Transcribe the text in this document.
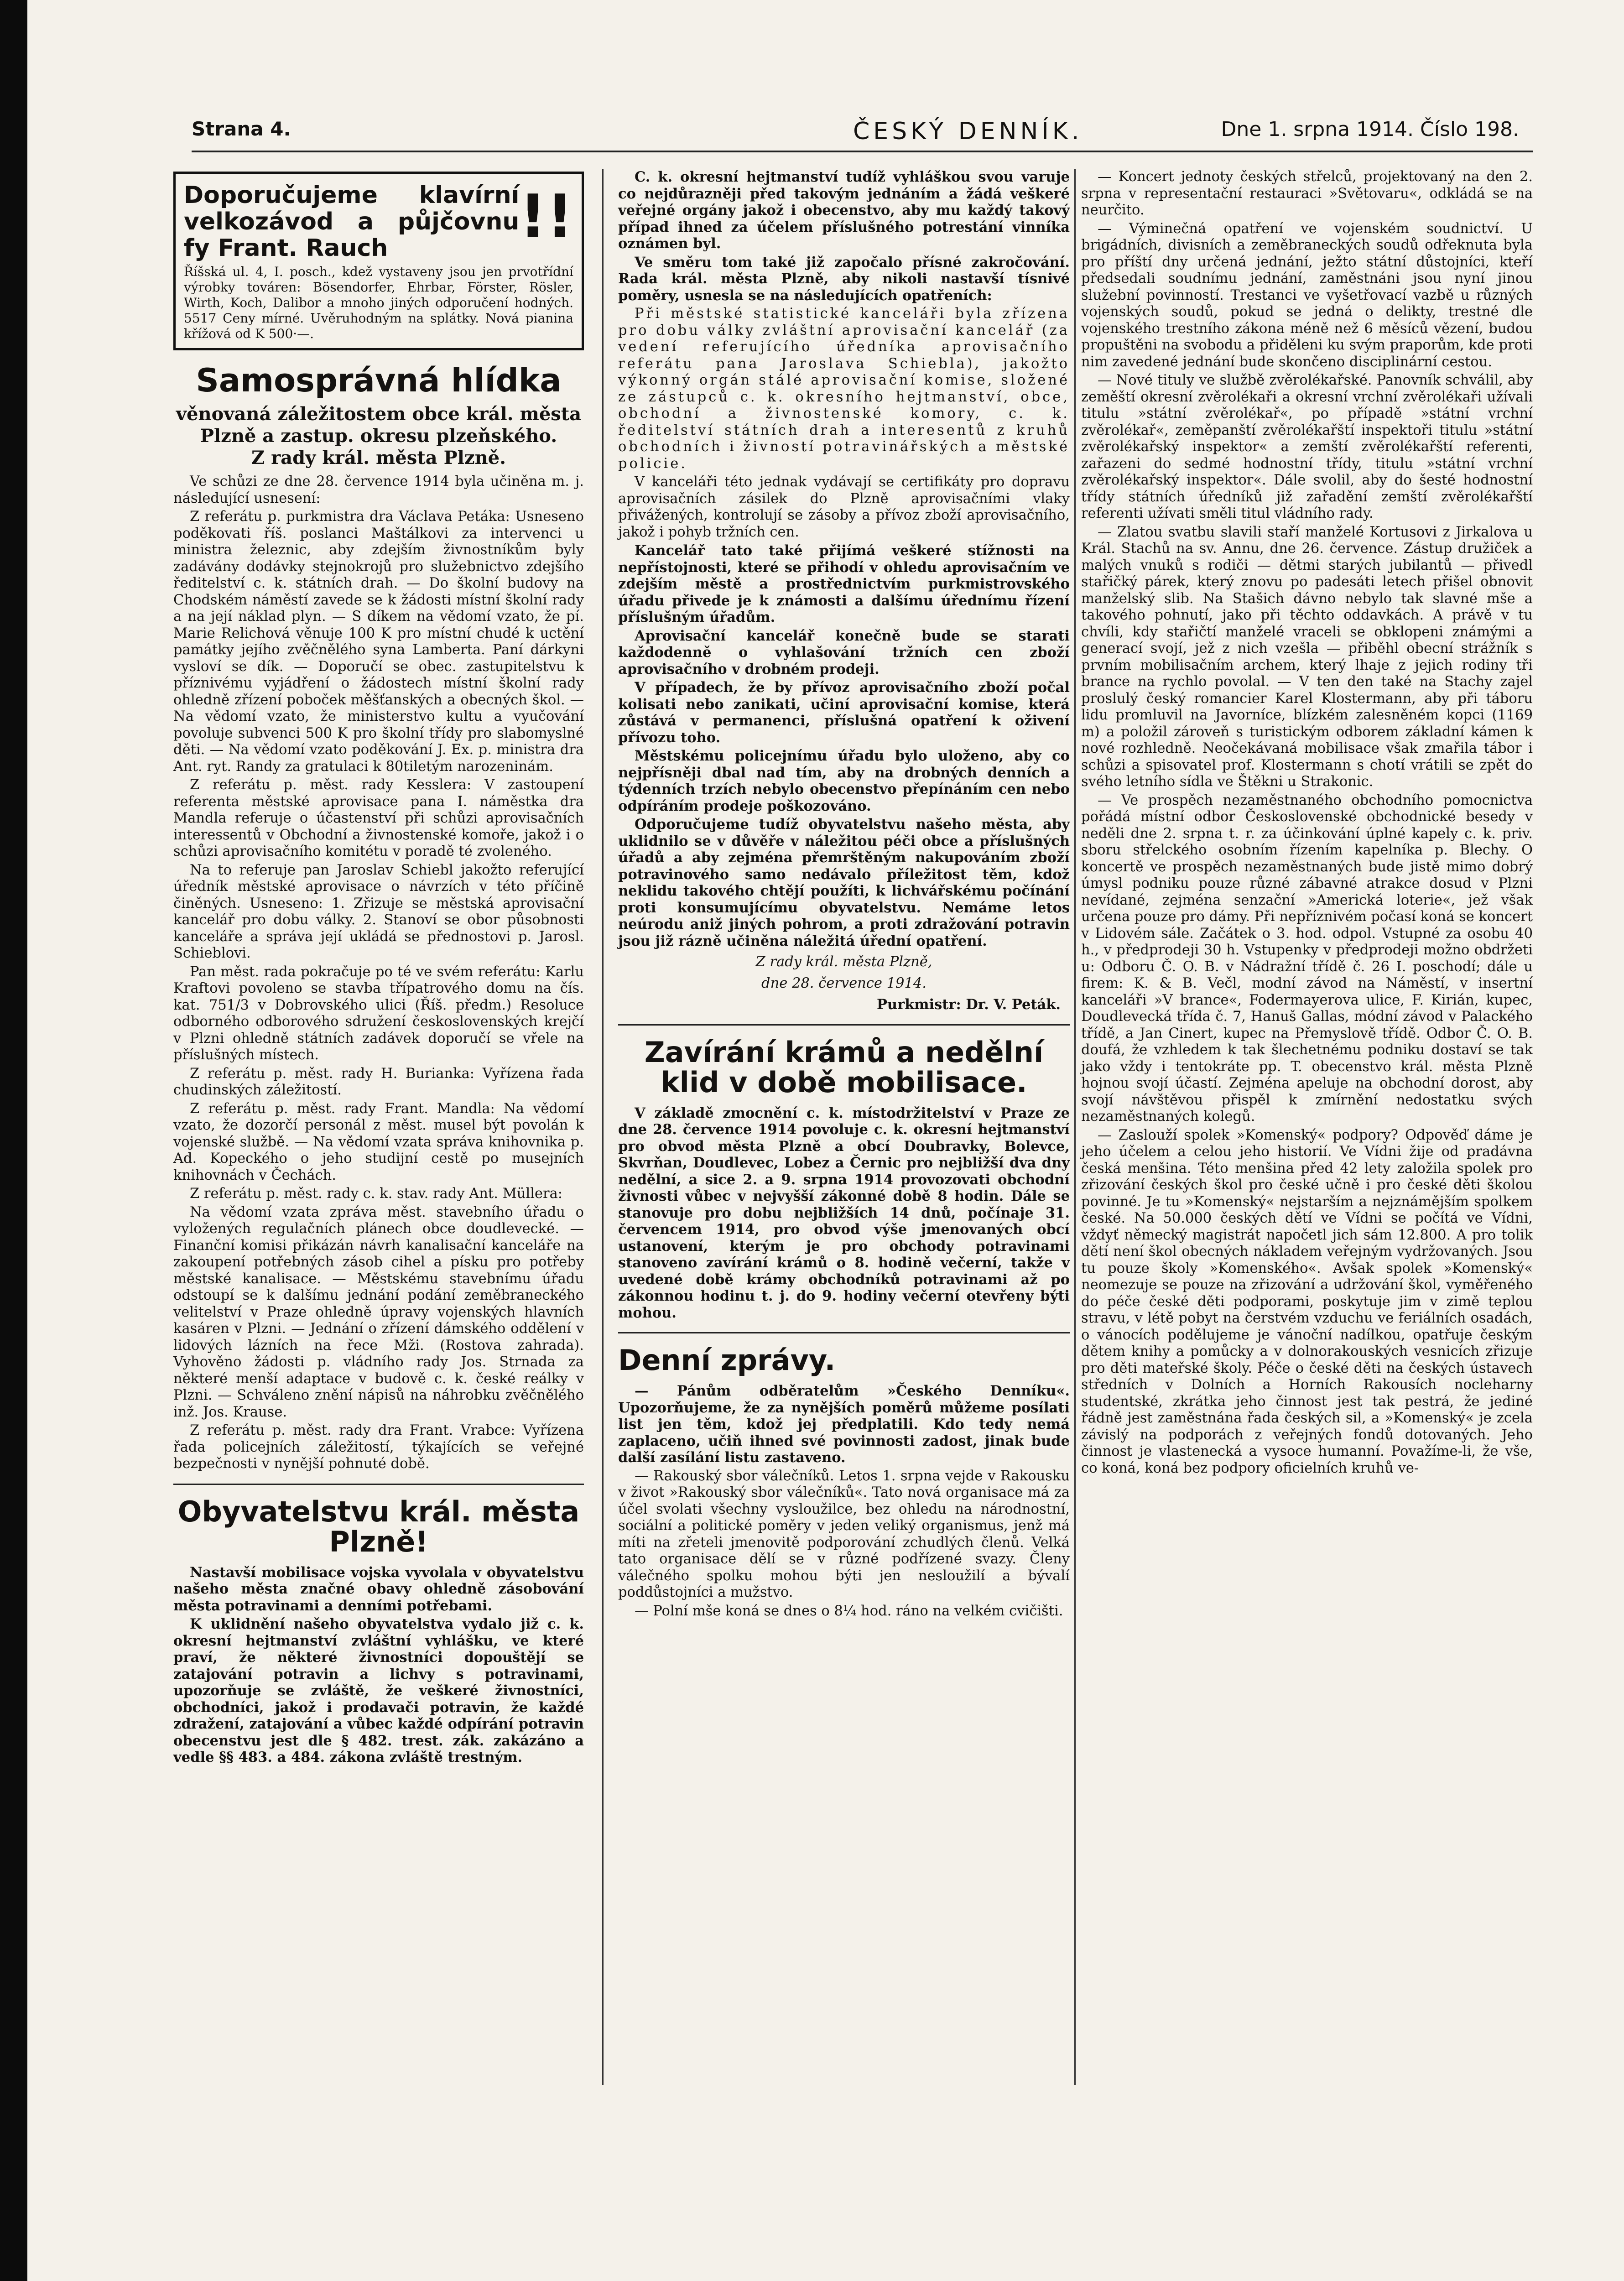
Strana 4.	ČESKÝ DENNÍK.	Dne 1. srpna 1914. Číslo 198.
Doporučujeme klavírní velkozávod a půjčovnu fy Frant. Rauch	!!
Říšská ul. 4, I. posch., kdež vystaveny jsou jen prvotřídní výrobky továren: Bösendorfer, Ehrbar, Förster, Rösler, Wirth, Koch, Dalibor a mnoho jiných odporučení hodných. 5517 Ceny mírné. Uvěruhodným na splátky. Nová pianina křížová od K 500·—.
Samosprávná hlídka
věnovaná záležitostem obce král. města Plzně a zastup. okresu plzeňského.
Z rady král. města Plzně.

Ve schůzi ze dne 28. července 1914 byla učiněna m. j. následující usnesení:

Z referátu p. purkmistra dra Václava Petáka: Usneseno poděkovati říš. poslanci Maštálkovi za intervenci u ministra železnic, aby zdejším živnostníkům byly zadávány dodávky stejnokrojů pro služebnictvo zdejšího ředitelství c. k. státních drah. — Do školní budovy na Chodském náměstí zavede se k žádosti místní školní rady a na její náklad plyn. — S díkem na vědomí vzato, že pí. Marie Relichová věnuje 100 K pro místní chudé k uctění památky jejího zvěčnělého syna Lamberta. Paní dárkyni vysloví se dík. — Doporučí se obec. zastupitelstvu k příznivému vyjádření o žádostech místní školní rady ohledně zřízení poboček měšťanských a obecných škol. — Na vědomí vzato, že ministerstvo kultu a vyučování povoluje subvenci 500 K pro školní třídy pro slabomyslné děti. — Na vědomí vzato poděkování J. Ex. p. ministra dra Ant. ryt. Randy za gratulaci k 80tiletým narozeninám.

Z referátu p. měst. rady Kesslera: V zastoupení referenta městské aprovisace pana I. náměstka dra Mandla referuje o účastenství při schůzi aprovisačních interessentů v Obchodní a živnostenské komoře, jakož i o schůzi aprovisačního komitétu v poradě té zvoleného.

Na to referuje pan Jaroslav Schiebl jakožto referující úředník městské aprovisace o návrzích v této příčině činěných. Usneseno: 1. Zřizuje se městská aprovisační kancelář pro dobu války. 2. Stanoví se obor působnosti kanceláře a správa její ukládá se přednostovi p. Jarosl. Schieblovi.

Pan měst. rada pokračuje po té ve svém referátu: Karlu Kraftovi povoleno se stavba třípatrového domu na čís. kat. 751/3 v Dobrovského ulici (Říš. předm.) Resoluce odborného odborového sdružení československých krejčí v Plzni ohledně státních zadávek doporučí se vřele na příslušných místech.

Z referátu p. měst. rady H. Burianka: Vyřízena řada chudinských záležitostí.

Z referátu p. měst. rady Frant. Mandla: Na vědomí vzato, že dozorčí personál z měst. musel být povolán k vojenské službě. — Na vědomí vzata správa knihovnika p. Ad. Kopeckého o jeho studijní cestě po musejních knihovnách v Čechách.

Z referátu p. měst. rady c. k. stav. rady Ant. Müllera:

Na vědomí vzata zpráva měst. stavebního úřadu o vyložených regulačních plánech obce doudlevecké. — Finanční komisi přikázán návrh kanalisační kanceláře na zakoupení potřebných zásob cihel a písku pro potřeby městské kanalisace. — Městskému stavebnímu úřadu odstoupí se k dalšímu jednání podání zeměbraneckého velitelství v Praze ohledně úpravy vojenských hlavních kasáren v Plzni. — Jednání o zřízení dámského oddělení v lidových lázních na řece Mži. (Rostova zahrada). Vyhověno žádosti p. vládního rady Jos. Strnada za některé menší adaptace v budově c. k. české reálky v Plzni. — Schváleno znění nápisů na náhrobku zvěčnělého inž. Jos. Krause.

Z referátu p. měst. rady dra Frant. Vrabce: Vyřízena řada policejních záležitostí, týkajících se veřejné bezpečnosti v nynější pohnuté době.

Obyvatelstvu král. města Plzně!

Nastavší mobilisace vojska vyvolala v obyvatelstvu našeho města značné obavy ohledně zásobování města potravinami a denními potřebami.

K uklidnění našeho obyvatelstva vydalo již c. k. okresní hejtmanství zvláštní vyhlášku, ve které praví, že některé živnostníci dopouštějí se zatajování potravin a lichvy s potravinami, upozorňuje se zvláště, že veškeré živnostníci, obchodníci, jakož i prodavači potravin, že každé zdražení, zatajování a vůbec každé odpírání potravin obecenstvu jest dle § 482. trest. zák. zakázáno a vedle §§ 483. a 484. zákona zvláště trestným.

C. k. okresní hejtmanství tudíž vyhláškou svou varuje co nejdůrazněji před takovým jednáním a žádá veškeré veřejné orgány jakož i obecenstvo, aby mu každý takový případ ihned za účelem příslušného potrestání vinníka oznámen byl.

Ve směru tom také již započalo přísné zakročování. Rada král. města Plzně, aby nikoli nastavší tísnivé poměry, usnesla se na následujících opatřeních:

Při městské statistické kanceláři byla zřízena pro dobu války zvláštní aprovisační kancelář (za vedení referujícího úředníka aprovisačního referátu pana Jaroslava Schiebla), jakožto výkonný orgán stálé aprovisační komise, složené ze zástupců c. k. okresního hejtmanství, obce, obchodní a živnostenské komory, c. k. ředitelství státních drah a interesentů z kruhů obchodních i živností potravinářských a městské policie.

V kanceláři této jednak vydávají se certifikáty pro dopravu aprovisačních zásilek do Plzně aprovisačními vlaky přivážených, kontrolují se zásoby a přívoz zboží aprovisačního, jakož i pohyb tržních cen.

Kancelář tato také přijímá veškeré stížnosti na nepřístojnosti, které se přihodí v ohledu aprovisačním ve zdejším městě a prostřednictvím purkmistrovského úřadu přivede je k známosti a dalšímu úřednímu řízení příslušným úřadům.

Aprovisační kancelář konečně bude se starati každodenně o vyhlašování tržních cen zboží aprovisačního v drobném prodeji.

V případech, že by přívoz aprovisačního zboží počal kolisati nebo zanikati, učiní aprovisační komise, která zůstává v permanenci, příslušná opatření k oživení přívozu toho.

Městskému policejnímu úřadu bylo uloženo, aby co nejpřísněji dbal nad tím, aby na drobných denních a týdenních trzích nebylo obecenstvo přepínáním cen nebo odpíráním prodeje poškozováno.

Odporučujeme tudíž obyvatelstvu našeho města, aby uklidnilo se v důvěře v náležitou péči obce a příslušných úřadů a aby zejména přemrštěným nakupováním zboží potravinového samo nedávalo příležitost těm, kdož neklidu takového chtějí použíti, k lichvářskému počínání proti konsumujícímu obyvatelstvu. Nemáme letos neúrodu aniž jiných pohrom, a proti zdražování potravin jsou již rázně učiněna náležitá úřední opatření.

Z rady král. města Plzně,

dne 28. července 1914.

Purkmistr: Dr. V. Peták.

Zavírání krámů a nedělní klid v době mobilisace.

V základě zmocnění c. k. místodržitelství v Praze ze dne 28. července 1914 povoluje c. k. okresní hejtmanství pro obvod města Plzně a obcí Doubravky, Bolevce, Skvrňan, Doudlevec, Lobez a Černic pro nejbližší dva dny nedělní, a sice 2. a 9. srpna 1914 provozovati obchodní živnosti vůbec v nejvyšší zákonné době 8 hodin. Dále se stanovuje pro dobu nejbližších 14 dnů, počínaje 31. červencem 1914, pro obvod výše jmenovaných obcí ustanovení, kterým je pro obchody potravinami stanoveno zavírání krámů o 8. hodině večerní, takže v uvedené době krámy obchodníků potravinami až po zákonnou hodinu t. j. do 9. hodiny večerní otevřeny býti mohou.

Denní zprávy.

— Pánům odběratelům »Českého Denníku«. Upozorňujeme, že za nynějších poměrů můžeme posílati list jen těm, kdož jej předplatili. Kdo tedy nemá zaplaceno, učiň ihned své povinnosti zadost, jinak bude další zasílání listu zastaveno.

— Rakouský sbor válečníků. Letos 1. srpna vejde v Rakousku v život »Rakouský sbor válečníků«. Tato nová organisace má za účel svolati všechny vysloužilce, bez ohledu na národnostní, sociální a politické poměry v jeden veliký organismus, jenž má míti na zřeteli jmenovitě podporování zchudlých členů. Velká tato organisace dělí se v různé podřízené svazy. Členy válečného spolku mohou býti jen nesloužilí a bývalí poddůstojníci a mužstvo.

— Polní mše koná se dnes o 8¼ hod. ráno na velkém cvičišti.

— Koncert jednoty českých střelců, projektovaný na den 2. srpna v representační restauraci »Světovaru«, odkládá se na neurčito.

— Výminečná opatření ve vojenském soudnictví. U brigádních, divisních a zeměbraneckých soudů odřeknuta byla pro příští dny určená jednání, ježto státní důstojníci, kteří předsedali soudnímu jednání, zaměstnáni jsou nyní jinou služební povinností. Trestanci ve vyšetřovací vazbě u různých vojenských soudů, pokud se jedná o delikty, trestné dle vojenského trestního zákona méně než 6 měsíců vězení, budou propuštěni na svobodu a přiděleni ku svým praporům, kde proti nim zavedené jednání bude skončeno disciplinární cestou.

— Nové tituly ve službě zvěrolékařské. Panovník schválil, aby zeměští okresní zvěrolékaři a okresní vrchní zvěrolékaři užívali titulu »státní zvěrolékař«, po případě »státní vrchní zvěrolékař«, zeměpanští zvěrolékařští inspektoři titulu »státní zvěrolékařský inspektor« a zemští zvěrolékařští referenti, zařazeni do sedmé hodnostní třídy, titulu »státní vrchní zvěrolékařský inspektor«. Dále svolil, aby do šesté hodnostní třídy státních úředníků již zařadění zemští zvěrolékařští referenti užívati směli titul vládního rady.

— Zlatou svatbu slavili staří manželé Kortusovi z Jirkalova u Král. Stachů na sv. Annu, dne 26. července. Zástup družiček a malých vnuků s rodiči — dětmi starých jubilantů — přivedl stařičký párek, který znovu po padesáti letech přišel obnovit manželský slib. Na Stašich dávno nebylo tak slavné mše a takového pohnutí, jako při těchto oddavkách. A právě v tu chvíli, kdy stařičtí manželé vraceli se obklopeni známými a generací svojí, jež z nich vzešla — přiběhl obecní strážník s prvním mobilisačním archem, který lhaje z jejich rodiny tři brance na rychlo povolal. — V ten den také na Stachy zajel proslulý český romancier Karel Klostermann, aby při táboru lidu promluvil na Javorníce, blízkém zalesněném kopci (1169 m) a položil zároveň s turistickým odborem základní kámen k nové rozhledně. Neočekávaná mobilisace však zmařila tábor i schůzi a spisovatel prof. Klostermann s chotí vrátili se zpět do svého letního sídla ve Štěkni u Strakonic.

— Ve prospěch nezaměstnaného obchodního pomocnictva pořádá místní odbor Československé obchodnické besedy v neděli dne 2. srpna t. r. za účinkování úplné kapely c. k. priv. sboru střelckého osobním řízením kapelníka p. Blechy. O koncertě ve prospěch nezaměstnaných bude jistě mimo dobrý úmysl podniku pouze různé zábavné atrakce dosud v Plzni nevídané, zejména senzační »Americká loterie«, jež však určena pouze pro dámy. Při nepříznivém počasí koná se koncert v Lidovém sále. Začátek o 3. hod. odpol. Vstupné za osobu 40 h., v předprodeji 30 h. Vstupenky v předprodeji možno obdržeti u: Odboru Č. O. B. v Nádražní třídě č. 26 I. poschodí; dále u firem: K. & B. Večl, modní závod na Náměstí, v insertní kanceláři »V brance«, Fodermayerova ulice, F. Kirián, kupec, Doudlevecká třída č. 7, Hanuš Gallas, módní závod v Palackého třídě, a Jan Cinert, kupec na Přemyslově třídě. Odbor Č. O. B. doufá, že vzhledem k tak šlechetnému podniku dostaví se tak jako vždy i tentokráte pp. T. obecenstvo král. města Plzně hojnou svojí účastí. Zejména apeluje na obchodní dorost, aby svojí návštěvou přispěl k zmírnění nedostatku svých nezaměstnaných kolegů.

— Zaslouží spolek »Komenský« podpory? Odpověď dáme je jeho účelem a celou jeho historií. Ve Vídni žije od pradávna česká menšina. Této menšina před 42 lety založila spolek pro zřizování českých škol pro české učně i pro české děti školou povinné. Je tu »Komenský« nejstarším a nejznámějším spolkem české. Na 50.000 českých dětí ve Vídni se počítá ve Vídni, vždyť německý magistrát napočetl jich sám 12.800. A pro tolik dětí není škol obecných nákladem veřejným vydržovaných. Jsou tu pouze školy »Komenského«. Avšak spolek »Komenský« neomezuje se pouze na zřizování a udržování škol, vyměřeného do péče české děti podporami, poskytuje jim v zimě teplou stravu, v létě pobyt na čerstvém vzduchu ve feriálních osadách, o vánocích podělujeme je vánoční nadílkou, opatřuje českým dětem knihy a pomůcky a v dolnorakouských vesnicích zřizuje pro děti mateřské školy. Péče o české děti na českých ústavech středních v Dolních a Horních Rakousích nocleharny studentské, zkrátka jeho činnost jest tak pestrá, že jediné řádně jest zaměstnána řada českých sil, a »Komenský« je zcela závislý na podporách z veřejných fondů dotovaných. Jeho činnost je vlastenecká a vysoce humanní. Považíme-li, že vše, co koná, koná bez podpory oficielních kruhů ve-
